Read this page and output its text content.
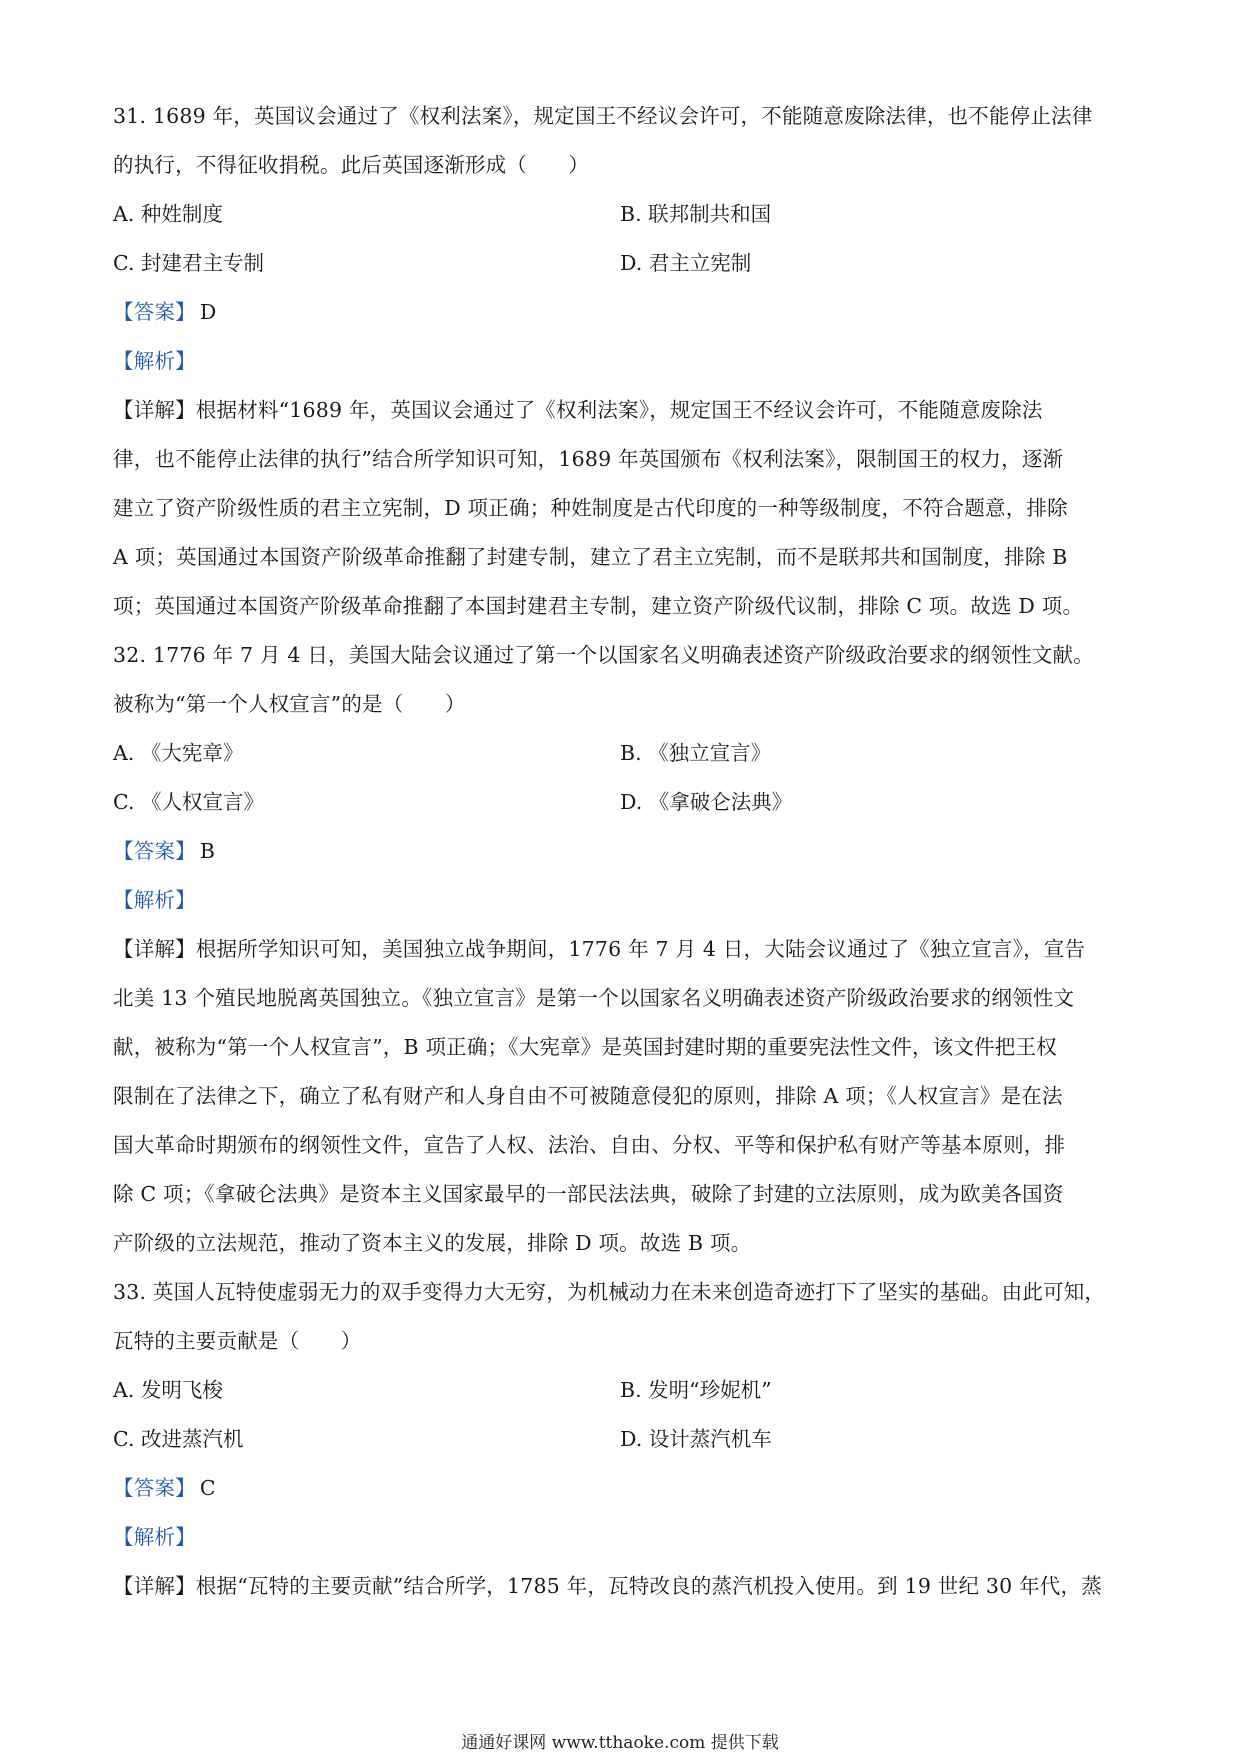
31. 1689 年，英国议会通过了《权利法案》，规定国王不经议会许可，不能随意废除法律，也不能停止法律
的执行，不得征收捐税。此后英国逐渐形成（　　）
A. 种姓制度	B. 联邦制共和国
C. 封建君主专制	D. 君主立宪制
【答案】 D
【解析】
【详解】根据材料“1689 年，英国议会通过了《权利法案》，规定国王不经议会许可，不能随意废除法
律，也不能停止法律的执行”结合所学知识可知，1689 年英国颁布《权利法案》，限制国王的权力，逐渐
建立了资产阶级性质的君主立宪制，D 项正确；种姓制度是古代印度的一种等级制度，不符合题意，排除
A 项；英国通过本国资产阶级革命推翻了封建专制，建立了君主立宪制，而不是联邦共和国制度，排除 B
项；英国通过本国资产阶级革命推翻了本国封建君主专制，建立资产阶级代议制，排除 C 项。故选 D 项。
32. 1776 年 7 月 4 日，美国大陆会议通过了第一个以国家名义明确表述资产阶级政治要求的纲领性文献。
被称为“第一个人权宣言”的是（　　）
A. 《大宪章》	B. 《独立宣言》
C. 《人权宣言》	D. 《拿破仑法典》
【答案】 B
【解析】
【详解】根据所学知识可知，美国独立战争期间，1776 年 7 月 4 日，大陆会议通过了《独立宣言》，宣告
北美 13 个殖民地脱离英国独立。《独立宣言》是第一个以国家名义明确表述资产阶级政治要求的纲领性文
献，被称为“第一个人权宣言”，B 项正确；《大宪章》是英国封建时期的重要宪法性文件，该文件把王权
限制在了法律之下，确立了私有财产和人身自由不可被随意侵犯的原则，排除 A 项；《人权宣言》是在法
国大革命时期颁布的纲领性文件，宣告了人权、法治、自由、分权、平等和保护私有财产等基本原则，排
除 C 项；《拿破仑法典》是资本主义国家最早的一部民法法典，破除了封建的立法原则，成为欧美各国资
产阶级的立法规范，推动了资本主义的发展，排除 D 项。故选 B 项。
33. 英国人瓦特使虚弱无力的双手变得力大无穷，为机械动力在未来创造奇迹打下了坚实的基础。由此可知，
瓦特的主要贡献是（　　）
A. 发明飞梭	B. 发明“珍妮机”
C. 改进蒸汽机	D. 设计蒸汽机车
【答案】 C
【解析】
【详解】根据“瓦特的主要贡献”结合所学，1785 年，瓦特改良的蒸汽机投入使用。到 19 世纪 30 年代，蒸
通通好课网 www.tthaoke.com 提供下载
